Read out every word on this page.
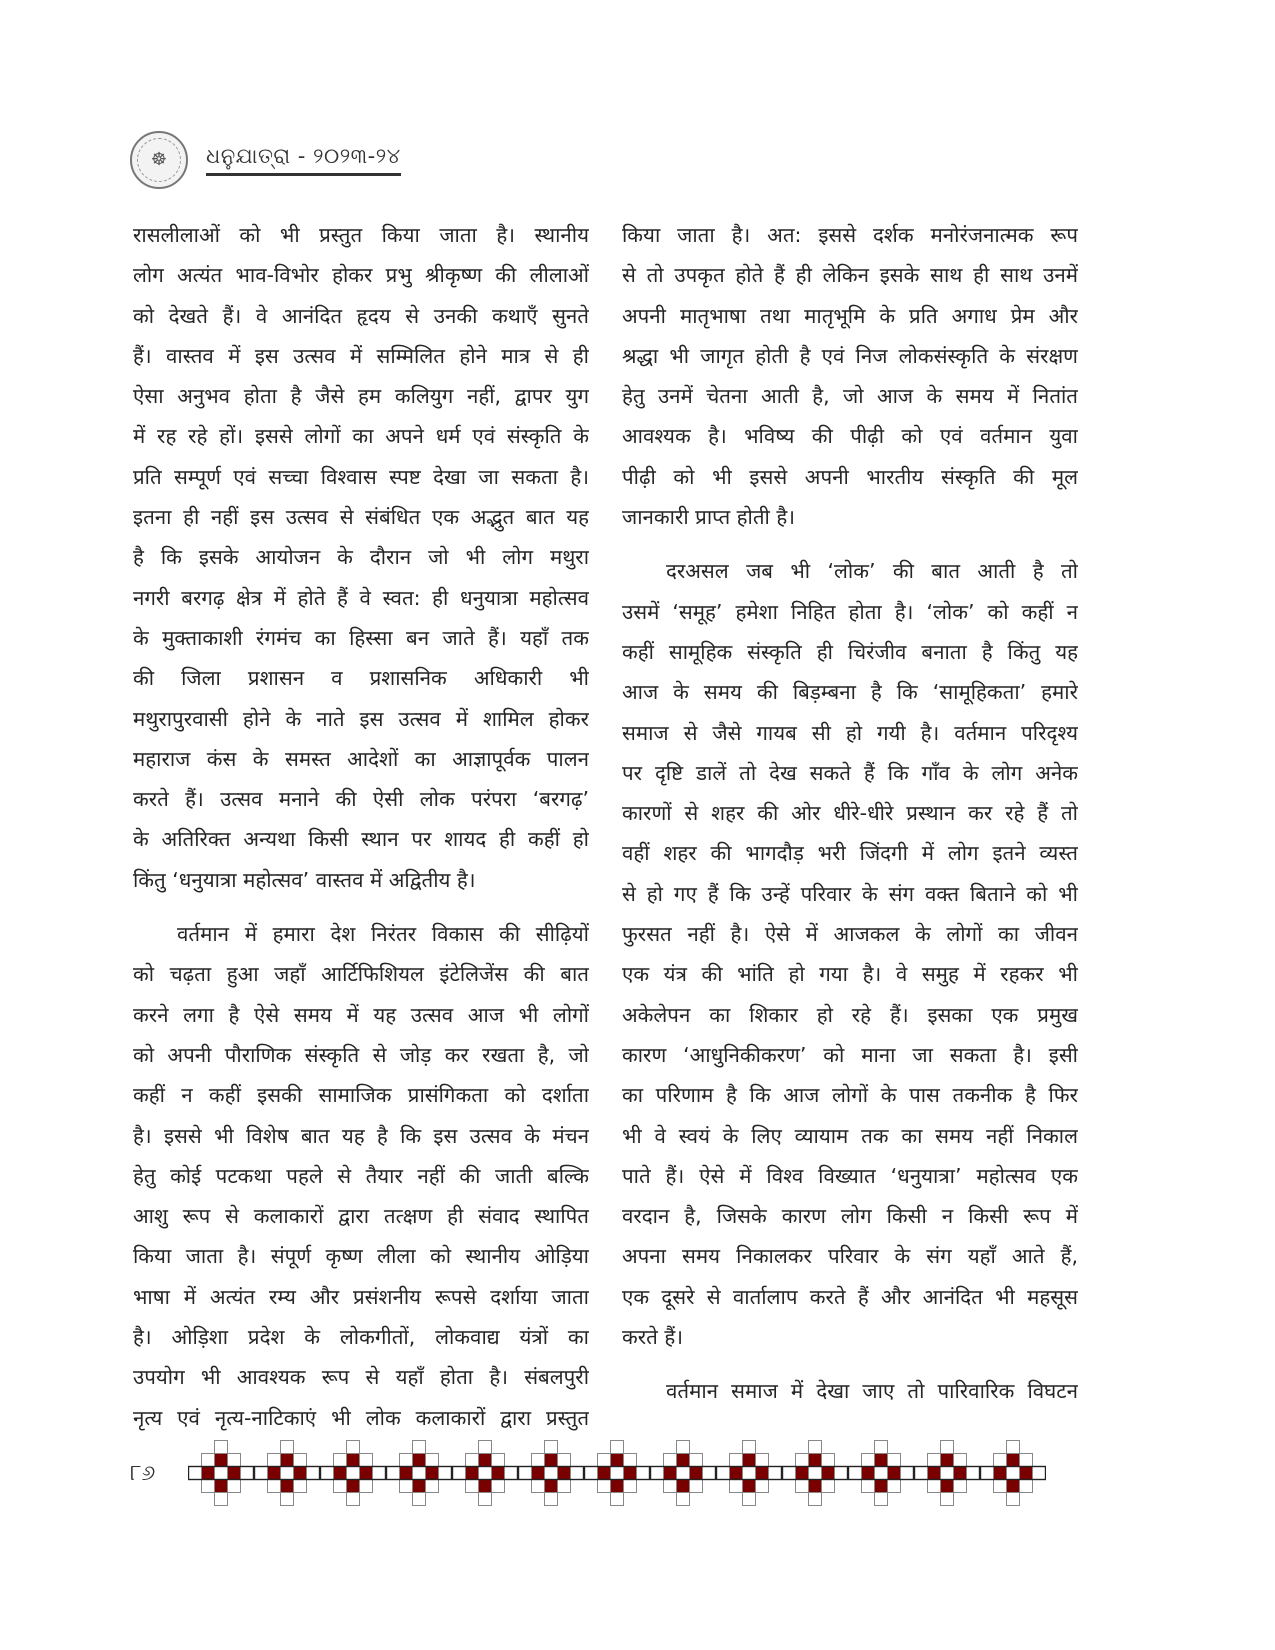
☸ ଧନୁଯାତ୍ରା - ୨୦୨୩-୨୪
रासलीलाओं को भी प्रस्तुत किया जाता है। स्थानीय
लोग अत्यंत भाव-विभोर होकर प्रभु श्रीकृष्ण की लीलाओं
को देखते हैं। वे आनंदित हृदय से उनकी कथाएँ सुनते
हैं। वास्तव में इस उत्सव में सम्मिलित होने मात्र से ही
ऐसा अनुभव होता है जैसे हम कलियुग नहीं, द्वापर युग
में रह रहे हों। इससे लोगों का अपने धर्म एवं संस्कृति के
प्रति सम्पूर्ण एवं सच्चा विश्वास स्पष्ट देखा जा सकता है।
इतना ही नहीं इस उत्सव से संबंधित एक अद्भुत बात यह
है कि इसके आयोजन के दौरान जो भी लोग मथुरा
नगरी बरगढ़ क्षेत्र में होते हैं वे स्वत: ही धनुयात्रा महोत्सव
के मुक्ताकाशी रंगमंच का हिस्सा बन जाते हैं। यहाँ तक
की जिला प्रशासन व प्रशासनिक अधिकारी भी
मथुरापुरवासी होने के नाते इस उत्सव में शामिल होकर
महाराज कंस के समस्त आदेशों का आज्ञापूर्वक पालन
करते हैं। उत्सव मनाने की ऐसी लोक परंपरा ‘बरगढ़’
के अतिरिक्त अन्यथा किसी स्थान पर शायद ही कहीं हो
किंतु ‘धनुयात्रा महोत्सव’ वास्तव में अद्वितीय है।
वर्तमान में हमारा देश निरंतर विकास की सीढ़ियों
को चढ़ता हुआ जहाँ आर्टिफिशियल इंटेलिजेंस की बात
करने लगा है ऐसे समय में यह उत्सव आज भी लोगों
को अपनी पौराणिक संस्कृति से जोड़ कर रखता है, जो
कहीं न कहीं इसकी सामाजिक प्रासंगिकता को दर्शाता
है। इससे भी विशेष बात यह है कि इस उत्सव के मंचन
हेतु कोई पटकथा पहले से तैयार नहीं की जाती बल्कि
आशु रूप से कलाकारों द्वारा तत्क्षण ही संवाद स्थापित
किया जाता है। संपूर्ण कृष्ण लीला को स्थानीय ओड़िया
भाषा में अत्यंत रम्य और प्रसंशनीय रूपसे दर्शाया जाता
है। ओड़िशा प्रदेश के लोकगीतों, लोकवाद्य यंत्रों का
उपयोग भी आवश्यक रूप से यहाँ होता है। संबलपुरी
नृत्य एवं नृत्य-नाटिकाएं भी लोक कलाकारों द्वारा प्रस्तुत
किया जाता है। अत: इससे दर्शक मनोरंजनात्मक रूप
से तो उपकृत होते हैं ही लेकिन इसके साथ ही साथ उनमें
अपनी मातृभाषा तथा मातृभूमि के प्रति अगाध प्रेम और
श्रद्धा भी जागृत होती है एवं निज लोकसंस्कृति के संरक्षण
हेतु उनमें चेतना आती है, जो आज के समय में नितांत
आवश्यक है। भविष्य की पीढ़ी को एवं वर्तमान युवा
पीढ़ी को भी इससे अपनी भारतीय संस्कृति की मूल
जानकारी प्राप्त होती है।
दरअसल जब भी ‘लोक’ की बात आती है तो
उसमें ‘समूह’ हमेशा निहित होता है। ‘लोक’ को कहीं न
कहीं सामूहिक संस्कृति ही चिरंजीव बनाता है किंतु यह
आज के समय की बिड़म्बना है कि ‘सामूहिकता’ हमारे
समाज से जैसे गायब सी हो गयी है। वर्तमान परिदृश्य
पर दृष्टि डालें तो देख सकते हैं कि गाँव के लोग अनेक
कारणों से शहर की ओर धीरे-धीरे प्रस्थान कर रहे हैं तो
वहीं शहर की भागदौड़ भरी जिंदगी में लोग इतने व्यस्त
से हो गए हैं कि उन्हें परिवार के संग वक्त बिताने को भी
फुरसत नहीं है। ऐसे में आजकल के लोगों का जीवन
एक यंत्र की भांति हो गया है। वे समुह में रहकर भी
अकेलेपन का शिकार हो रहे हैं। इसका एक प्रमुख
कारण ‘आधुनिकीकरण’ को माना जा सकता है। इसी
का परिणाम है कि आज लोगों के पास तकनीक है फिर
भी वे स्वयं के लिए व्यायाम तक का समय नहीं निकाल
पाते हैं। ऐसे में विश्व विख्यात ‘धनुयात्रा’ महोत्सव एक
वरदान है, जिसके कारण लोग किसी न किसी रूप में
अपना समय निकालकर परिवार के संग यहाँ आते हैं,
एक दूसरे से वार्तालाप करते हैं और आनंदित भी महसूस
करते हैं।
वर्तमान समाज में देखा जाए तो पारिवारिक विघटन
୮୬
